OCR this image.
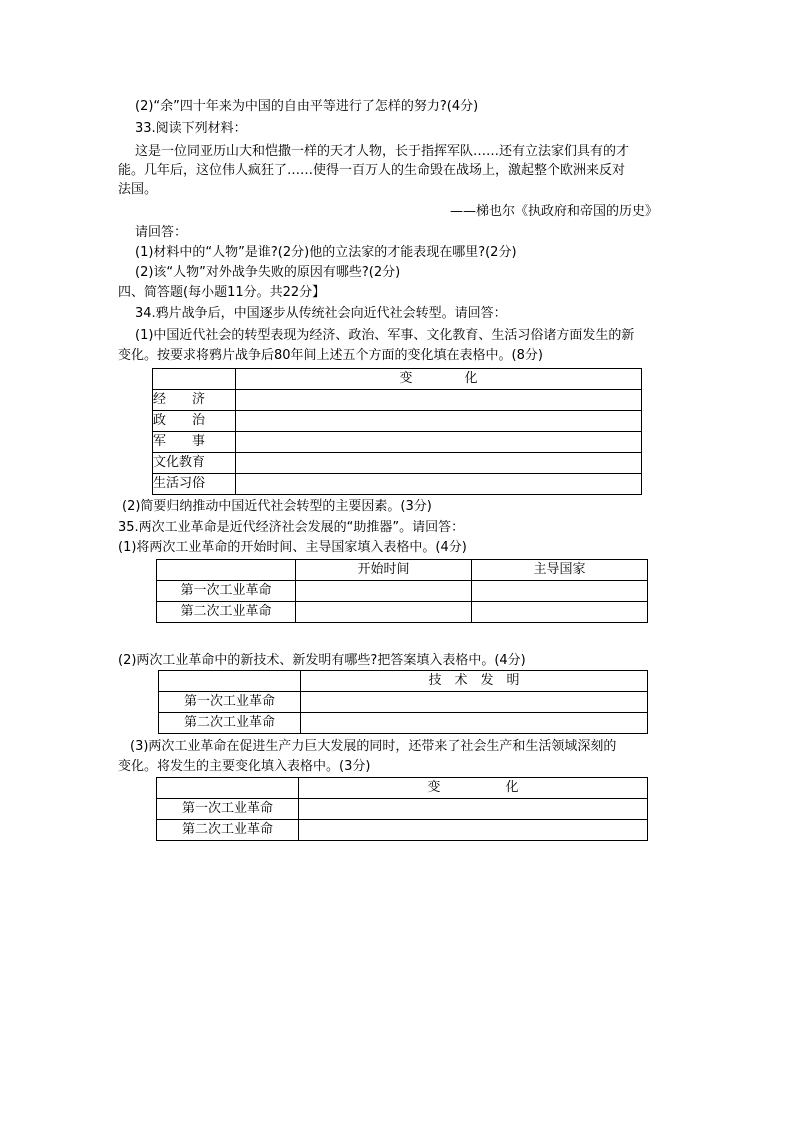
(2)“余”四十年来为中国的自由平等进行了怎样的努力?(4分)
33.阅读下列材料：
这是一位同亚历山大和恺撒一样的天才人物，长于指挥军队……还有立法家们具有的才
能。几年后，这位伟人疯狂了……使得一百万人的生命毁在战场上，激起整个欧洲来反对
法国。
——梯也尔《执政府和帝国的历史》
请回答：
(1)材料中的“人物”是谁?(2分)他的立法家的才能表现在哪里?(2分)
(2)该“人物”对外战争失败的原因有哪些?(2分)
四、简答题(每小题11分。共22分】
34.鸦片战争后，中国逐步从传统社会向近代社会转型。请回答：
(1)中国近代社会的转型表现为经济、政治、军事、文化教育、生活习俗诸方面发生的新
变化。按要求将鸦片战争后80年间上述五个方面的变化填在表格中。(8分)
	变　　　　化
经　　济	
政　　治	
军　　事	
文化教育	
生活习俗	
(2)简要归纳推动中国近代社会转型的主要因素。(3分)
35.两次工业革命是近代经济社会发展的“助推器”。请回答：
(1)将两次工业革命的开始时间、主导国家填入表格中。(4分)
	开始时间	主导国家
第一次工业革命		
第二次工业革命		
(2)两次工业革命中的新技术、新发明有哪些?把答案填入表格中。(4分)
	技　术　发　明
第一次工业革命	
第二次工业革命	
(3)两次工业革命在促进生产力巨大发展的同时，还带来了社会生产和生活领域深刻的
变化。将发生的主要变化填入表格中。(3分)
	变　　　　　化
第一次工业革命	
第二次工业革命	
